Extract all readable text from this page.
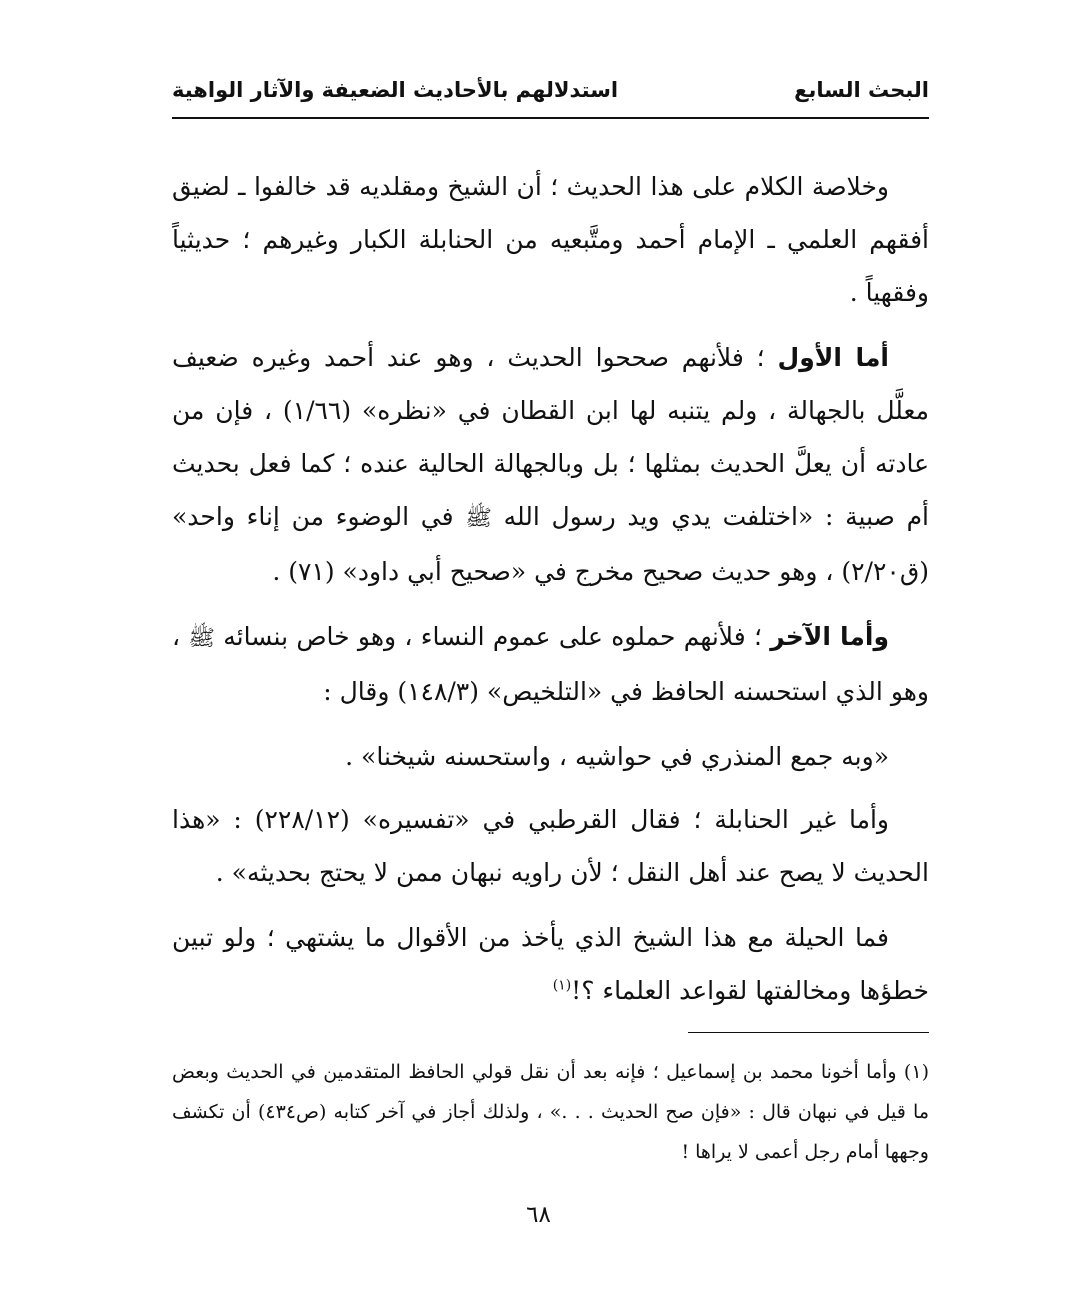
البحث السابع
استدلالهم بالأحاديث الضعيفة والآثار الواهية

وخلاصة الكلام على هذا الحديث ؛ أن الشيخ ومقلديه قد خالفوا ـ لضيق أفقهم العلمي ـ الإمام أحمد ومتَّبعيه من الحنابلة الكبار وغيرهم ؛ حديثياً وفقهياً .

أما الأول ؛ فلأنهم صححوا الحديث ، وهو عند أحمد وغيره ضعيف معلَّل بالجهالة ، ولم يتنبه لها ابن القطان في «نظره» (١/٦٦) ، فإن من عادته أن يعلَّ الحديث بمثلها ؛ بل وبالجهالة الحالية عنده ؛ كما فعل بحديث أم صبية : «اختلفت يدي ويد رسول الله ﷺ في الوضوء من إناء واحد» (ق٢/٢٠) ، وهو حديث صحيح مخرج في «صحيح أبي داود» (٧١) .

وأما الآخر ؛ فلأنهم حملوه على عموم النساء ، وهو خاص بنسائه ﷺ ، وهو الذي استحسنه الحافظ في «التلخيص» (١٤٨/٣) وقال :

«وبه جمع المنذري في حواشيه ، واستحسنه شيخنا» .

وأما غير الحنابلة ؛ فقال القرطبي في «تفسيره» (٢٢٨/١٢) : «هذا الحديث لا يصح عند أهل النقل ؛ لأن راويه نبهان ممن لا يحتج بحديثه» .

فما الحيلة مع هذا الشيخ الذي يأخذ من الأقوال ما يشتهي ؛ ولو تبين خطؤها ومخالفتها لقواعد العلماء ؟!$^{(١)}$

(١) وأما أخونا محمد بن إسماعيل ؛ فإنه بعد أن نقل قولي الحافظ المتقدمين في الحديث وبعض ما قيل في نبهان قال : «فإن صح الحديث . . .» ، ولذلك أجاز في آخر كتابه (ص٤٣٤) أن تكشف وجهها أمام رجل أعمى لا يراها !
٦٨
